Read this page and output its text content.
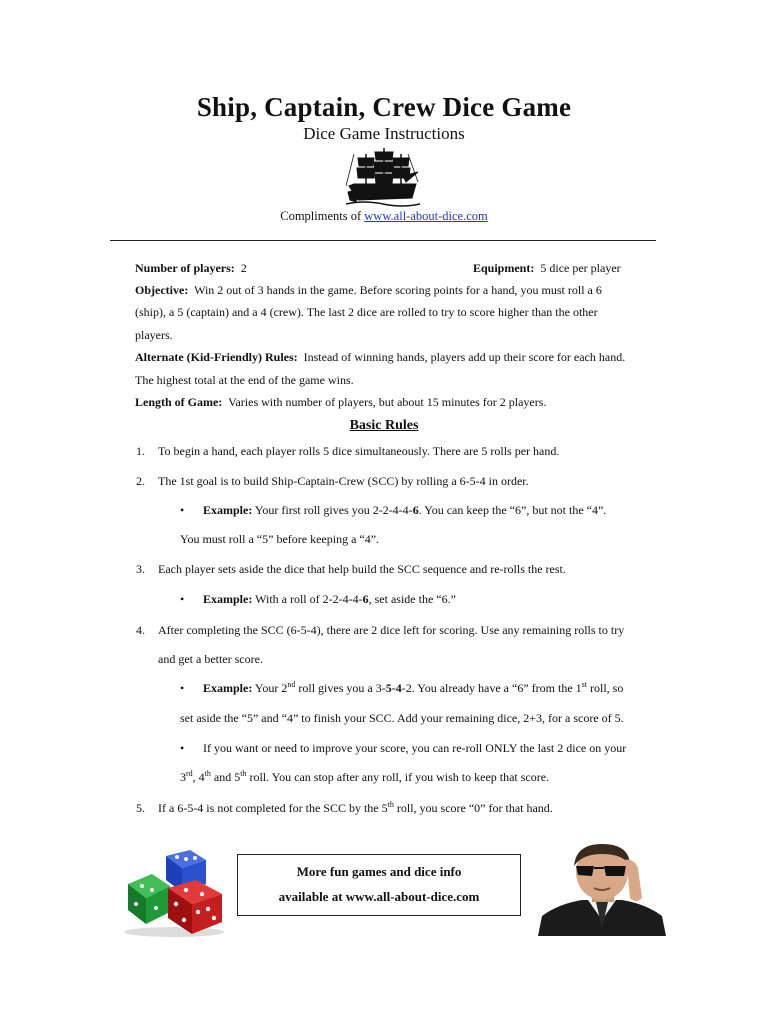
Ship, Captain, Crew Dice Game
Dice Game Instructions
Compliments of www.all-about-dice.com
Number of players: 2	Equipment: 5 dice per player
Objective: Win 2 out of 3 hands in the game. Before scoring points for a hand, you must roll a 6
(ship), a 5 (captain) and a 4 (crew). The last 2 dice are rolled to try to score higher than the other
players.
Alternate (Kid-Friendly) Rules: Instead of winning hands, players add up their score for each hand.
The highest total at the end of the game wins.
Length of Game: Varies with number of players, but about 15 minutes for 2 players.
Basic Rules
1. To begin a hand, each player rolls 5 dice simultaneously. There are 5 rolls per hand.
2. The 1st goal is to build Ship-Captain-Crew (SCC) by rolling a 6-5-4 in order.
• Example: Your first roll gives you 2-2-4-4-6. You can keep the “6”, but not the “4”.
You must roll a “5” before keeping a “4”.
3. Each player sets aside the dice that help build the SCC sequence and re-rolls the rest.
• Example: With a roll of 2-2-4-4-6, set aside the “6.”
4. After completing the SCC (6-5-4), there are 2 dice left for scoring. Use any remaining rolls to try
and get a better score.
• Example: Your 2nd roll gives you a 3-5-4-2. You already have a “6” from the 1st roll, so
set aside the “5” and “4” to finish your SCC. Add your remaining dice, 2+3, for a score of 5.
• If you want or need to improve your score, you can re-roll ONLY the last 2 dice on your
3rd, 4th and 5th roll. You can stop after any roll, if you wish to keep that score.
5. If a 6-5-4 is not completed for the SCC by the 5th roll, you score “0” for that hand.
More fun games and dice info
available at www.all-about-dice.com
